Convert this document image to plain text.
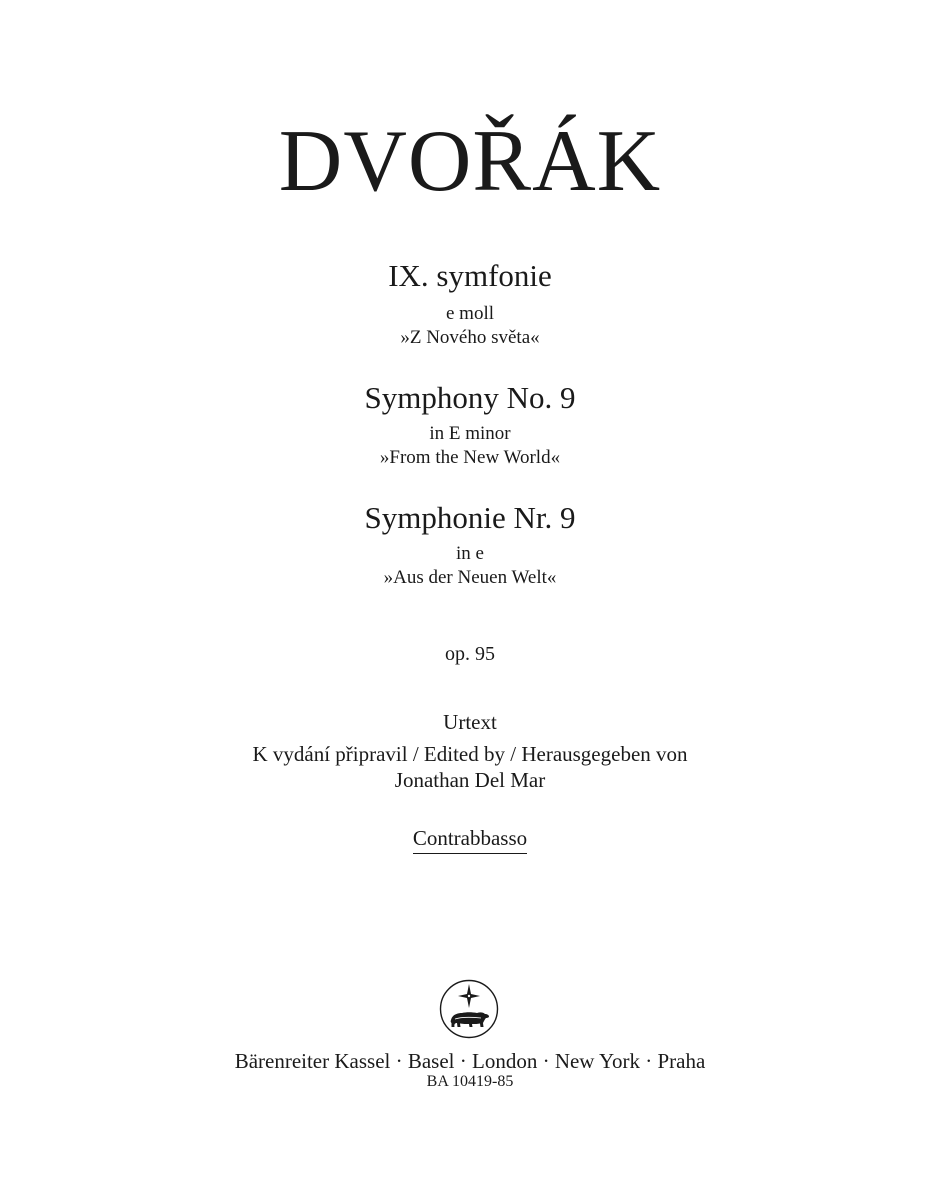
DVOŘÁK
IX. symfonie
e moll
»Z Nového světa«
Symphony No. 9
in E minor
»From the New World«
Symphonie Nr. 9
in e
»Aus der Neuen Welt«
op. 95
Urtext
K vydání připravil / Edited by / Herausgegeben von
Jonathan Del Mar
Contrabbasso
Bärenreiter Kassel · Basel · London · New York · Praha
BA 10419-85
